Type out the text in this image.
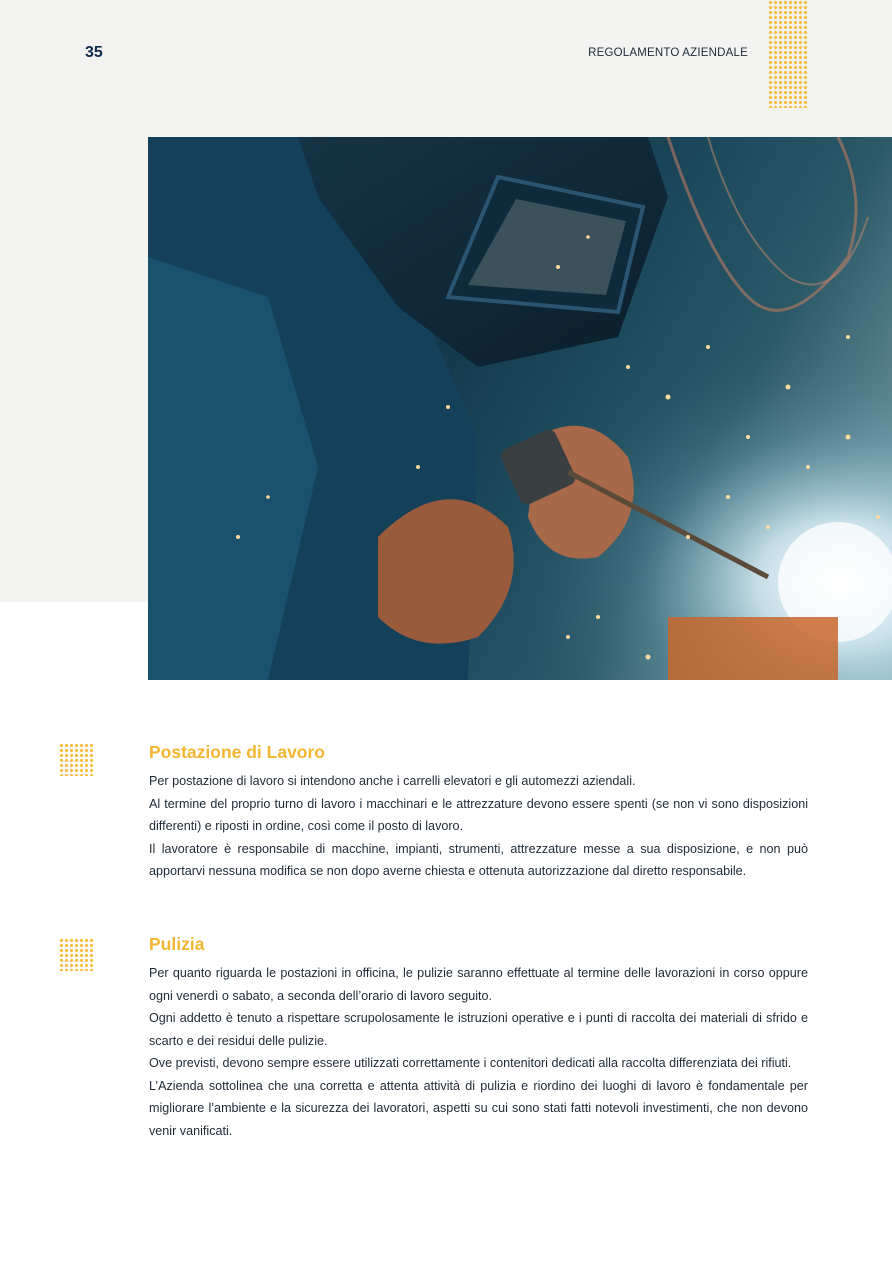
35	REGOLAMENTO AZIENDALE
Postazione di Lavoro

Per postazione di lavoro si intendono anche i carrelli elevatori e gli automezzi aziendali.

Al termine del proprio turno di lavoro i macchinari e le attrezzature devono essere spenti (se non vi sono disposizioni differenti) e riposti in ordine, così come il posto di lavoro.

Il lavoratore è responsabile di macchine, impianti, strumenti, attrezzature messe a sua disposizione, e non può apportarvi nessuna modifica se non dopo averne chiesta e ottenuta autorizzazione dal diretto responsabile.

Pulizia

Per quanto riguarda le postazioni in officina, le pulizie saranno effettuate al termine delle lavorazioni in corso oppure ogni venerdì o sabato, a seconda dell’orario di lavoro seguito.

Ogni addetto è tenuto a rispettare scrupolosamente le istruzioni operative e i punti di raccolta dei materiali di sfrido e scarto e dei residui delle pulizie.

Ove previsti, devono sempre essere utilizzati correttamente i contenitori dedicati alla raccolta differenziata dei rifiuti.

L’Azienda sottolinea che una corretta e attenta attività di pulizia e riordino dei luoghi di lavoro è fondamentale per migliorare l’ambiente e la sicurezza dei lavoratori, aspetti su cui sono stati fatti notevoli investimenti, che non devono venir vanificati.
